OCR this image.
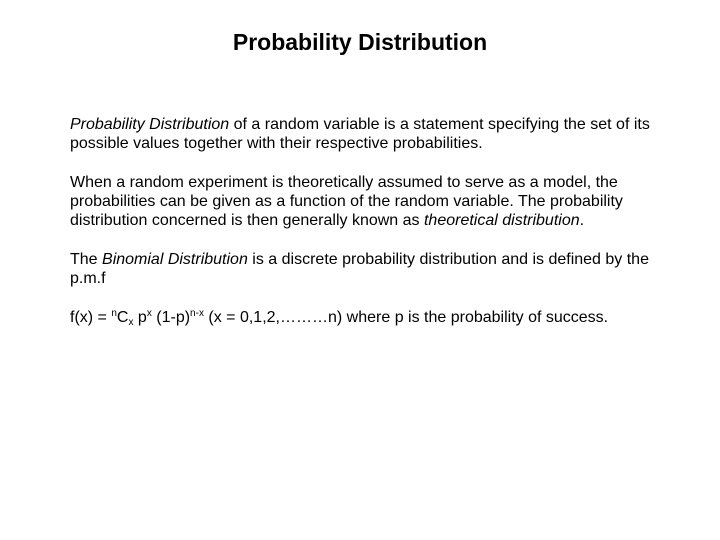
Probability Distribution

Probability Distribution of a random variable is a statement specifying the set of its possible values together with their respective probabilities.

When a random experiment is theoretically assumed to serve as a model, the probabilities can be given as a function of the random variable. The probability distribution concerned is then generally known as theoretical distribution.

The Binomial Distribution is a discrete probability distribution and is defined by the p.m.f

$f(x) = ^nC_x$ $p^x$ $(1-p)^{n-x}$ (x = 0,1,2,………n) where p is the probability of success.
